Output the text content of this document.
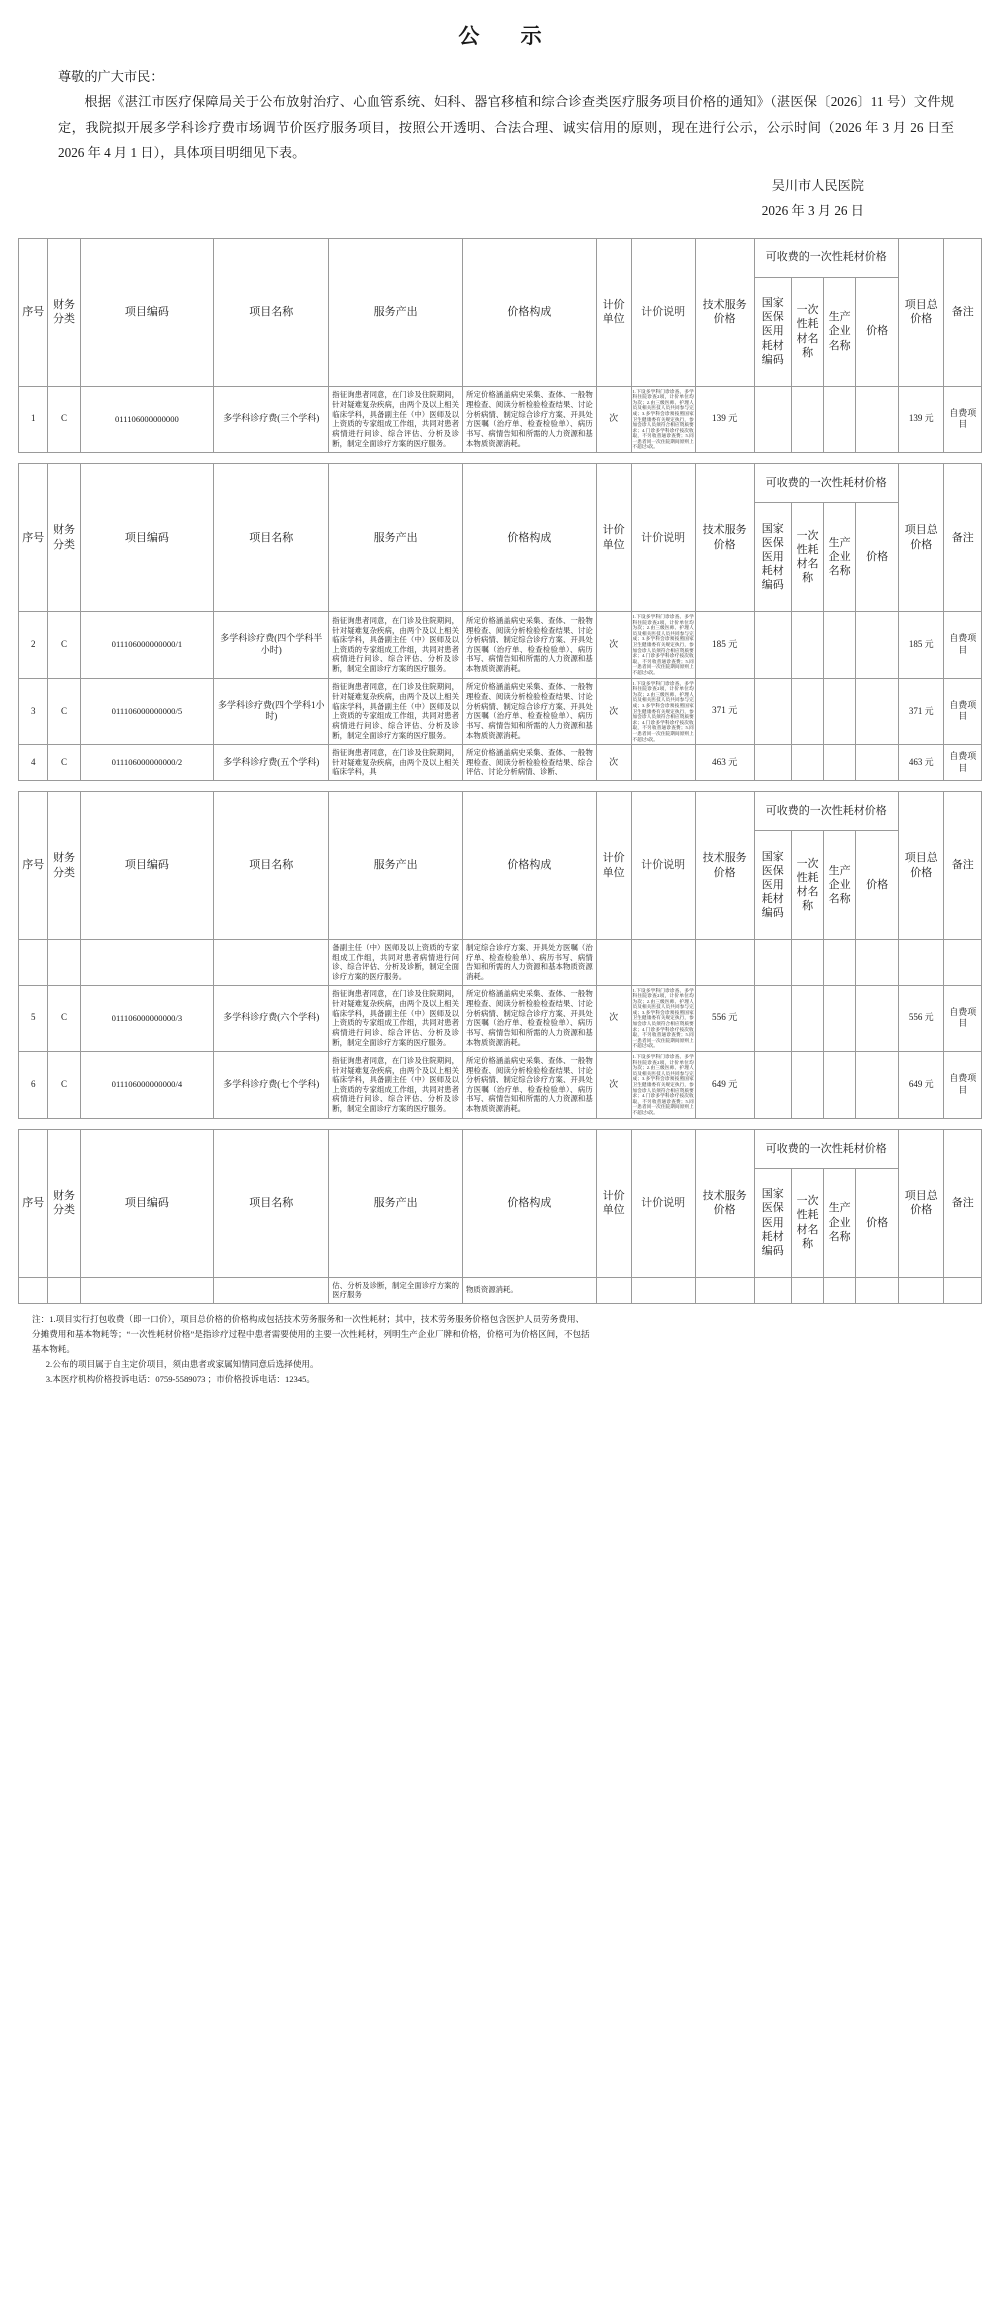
公 示

尊敬的广大市民：

根据《湛江市医疗保障局关于公布放射治疗、心血管系统、妇科、器官移植和综合诊查类医疗服务项目价格的通知》（湛医保〔2026〕11 号）文件规定，我院拟开展多学科诊疗费市场调节价医疗服务项目，按照公开透明、合法合理、诚实信用的原则，现在进行公示，公示时间（2026 年 3 月 26 日至 2026 年 4 月 1 日），具体项目明细见下表。

吴川市人民医院
2026 年 3 月 26 日
序号	财务分类	项目编码	项目名称	服务产出	价格构成	计价单位	计价说明	技术服务价格	可收费的一次性耗材价格				项目总价格	备注
									国家医保医用耗材编码	一次性耗材名称	生产企业名称	价格		
1	C	011106000000000	多学科诊疗费(三个学科)	指征询患者同意，在门诊及住院期间，针对疑难复杂疾病，由两个及以上相关临床学科，具备副主任（中）医师及以上资质的专家组成工作组，共同对患者病情进行问诊、综合评估、分析及诊断，制定全面诊疗方案的医疗服务。	所定价格涵盖病史采集、查体、一般物理检查、阅读分析检验检查结果、讨论分析病情、制定综合诊疗方案、开具处方医嘱（治疗单、检查检验单）、病历书写、病情告知和所需的人力资源和基本物质资源消耗。	次	1.下设多学科门诊诊查、多学科住院诊查2项，计价单位均为次；2.由三级医师、护理人员及相关医技人员共同参与完成；3.多学科会诊须按照国家卫生健康委有关规定执行，参加会诊人员须符合相应资质要求；4.门诊多学科诊疗按次收取，不另收普通诊查费；5.同一患者同一次住院期间原则上不超过3次。	139 元					139 元	自费项目
序号	财务分类	项目编码	项目名称	服务产出	价格构成	计价单位	计价说明	技术服务价格	可收费的一次性耗材价格				项目总价格	备注
									国家医保医用耗材编码	一次性耗材名称	生产企业名称	价格		
2	C	011106000000000/1	多学科诊疗费(四个学科半小时)	指征询患者同意，在门诊及住院期间，针对疑难复杂疾病，由两个及以上相关临床学科，具备副主任（中）医师及以上资质的专家组成工作组，共同对患者病情进行问诊、综合评估、分析及诊断，制定全面诊疗方案的医疗服务。	所定价格涵盖病史采集、查体、一般物理检查、阅读分析检验检查结果、讨论分析病情、制定综合诊疗方案、开具处方医嘱（治疗单、检查检验单）、病历书写、病情告知和所需的人力资源和基本物质资源消耗。	次	1.下设多学科门诊诊查、多学科住院诊查2项，计价单位均为次；2.由三级医师、护理人员及相关医技人员共同参与完成；3.多学科会诊须按照国家卫生健康委有关规定执行，参加会诊人员须符合相应资质要求；4.门诊多学科诊疗按次收取，不另收普通诊查费；5.同一患者同一次住院期间原则上不超过3次。	185 元					185 元	自费项目
3	C	011106000000000/5	多学科诊疗费(四个学科1小时)	指征询患者同意，在门诊及住院期间，针对疑难复杂疾病，由两个及以上相关临床学科，具备副主任（中）医师及以上资质的专家组成工作组，共同对患者病情进行问诊、综合评估、分析及诊断，制定全面诊疗方案的医疗服务。	所定价格涵盖病史采集、查体、一般物理检查、阅读分析检验检查结果、讨论分析病情、制定综合诊疗方案、开具处方医嘱（治疗单、检查检验单）、病历书写、病情告知和所需的人力资源和基本物质资源消耗。	次	1.下设多学科门诊诊查、多学科住院诊查2项，计价单位均为次；2.由三级医师、护理人员及相关医技人员共同参与完成；3.多学科会诊须按照国家卫生健康委有关规定执行，参加会诊人员须符合相应资质要求；4.门诊多学科诊疗按次收取，不另收普通诊查费；5.同一患者同一次住院期间原则上不超过3次。	371 元					371 元	自费项目
4	C	011106000000000/2	多学科诊疗费(五个学科)	指征询患者同意，在门诊及住院期间，针对疑难复杂疾病，由两个及以上相关临床学科，具	所定价格涵盖病史采集、查体、一般物理检查、阅读分析检验检查结果、综合评估、讨论分析病情、诊断、	次		463 元					463 元	自费项目
序号	财务分类	项目编码	项目名称	服务产出	价格构成	计价单位	计价说明	技术服务价格	可收费的一次性耗材价格				项目总价格	备注
									国家医保医用耗材编码	一次性耗材名称	生产企业名称	价格		
				备副主任（中）医师及以上资质的专家组成工作组，共同对患者病情进行问诊、综合评估、分析及诊断，制定全面诊疗方案的医疗服务。	制定综合诊疗方案、开具处方医嘱（治疗单、检查检验单）、病历书写、病情告知和所需的人力资源和基本物质资源消耗。									
5	C	011106000000000/3	多学科诊疗费(六个学科)	指征询患者同意，在门诊及住院期间，针对疑难复杂疾病，由两个及以上相关临床学科，具备副主任（中）医师及以上资质的专家组成工作组，共同对患者病情进行问诊、综合评估、分析及诊断，制定全面诊疗方案的医疗服务。	所定价格涵盖病史采集、查体、一般物理检查、阅读分析检验检查结果、讨论分析病情、制定综合诊疗方案、开具处方医嘱（治疗单、检查检验单）、病历书写、病情告知和所需的人力资源和基本物质资源消耗。	次	1.下设多学科门诊诊查、多学科住院诊查2项，计价单位均为次；2.由三级医师、护理人员及相关医技人员共同参与完成；3.多学科会诊须按照国家卫生健康委有关规定执行，参加会诊人员须符合相应资质要求；4.门诊多学科诊疗按次收取，不另收普通诊查费；5.同一患者同一次住院期间原则上不超过3次。	556 元					556 元	自费项目
6	C	011106000000000/4	多学科诊疗费(七个学科)	指征询患者同意，在门诊及住院期间，针对疑难复杂疾病，由两个及以上相关临床学科，具备副主任（中）医师及以上资质的专家组成工作组，共同对患者病情进行问诊、综合评估、分析及诊断，制定全面诊疗方案的医疗服务。	所定价格涵盖病史采集、查体、一般物理检查、阅读分析检验检查结果、讨论分析病情、制定综合诊疗方案、开具处方医嘱（治疗单、检查检验单）、病历书写、病情告知和所需的人力资源和基本物质资源消耗。	次	1.下设多学科门诊诊查、多学科住院诊查2项，计价单位均为次；2.由三级医师、护理人员及相关医技人员共同参与完成；3.多学科会诊须按照国家卫生健康委有关规定执行，参加会诊人员须符合相应资质要求；4.门诊多学科诊疗按次收取，不另收普通诊查费；5.同一患者同一次住院期间原则上不超过3次。	649 元					649 元	自费项目
序号	财务分类	项目编码	项目名称	服务产出	价格构成	计价单位	计价说明	技术服务价格	可收费的一次性耗材价格				项目总价格	备注
									国家医保医用耗材编码	一次性耗材名称	生产企业名称	价格		
				估、分析及诊断，制定全面诊疗方案的医疗服务	物质资源消耗。									

注：1.项目实行打包收费（即一口价），项目总价格的价格构成包括技术劳务服务和一次性耗材；其中，技术劳务服务价格包含医护人员劳务费用、

分摊费用和基本物耗等；“一次性耗材价格”是指诊疗过程中患者需要使用的主要一次性耗材，列明生产企业厂牌和价格，价格可为价格区间，不包括

基本物耗。

2.公布的项目属于自主定价项目，须由患者或家属知情同意后选择使用。

3.本医疗机构价格投诉电话：0759-5589073 ；市价格投诉电话：12345。
